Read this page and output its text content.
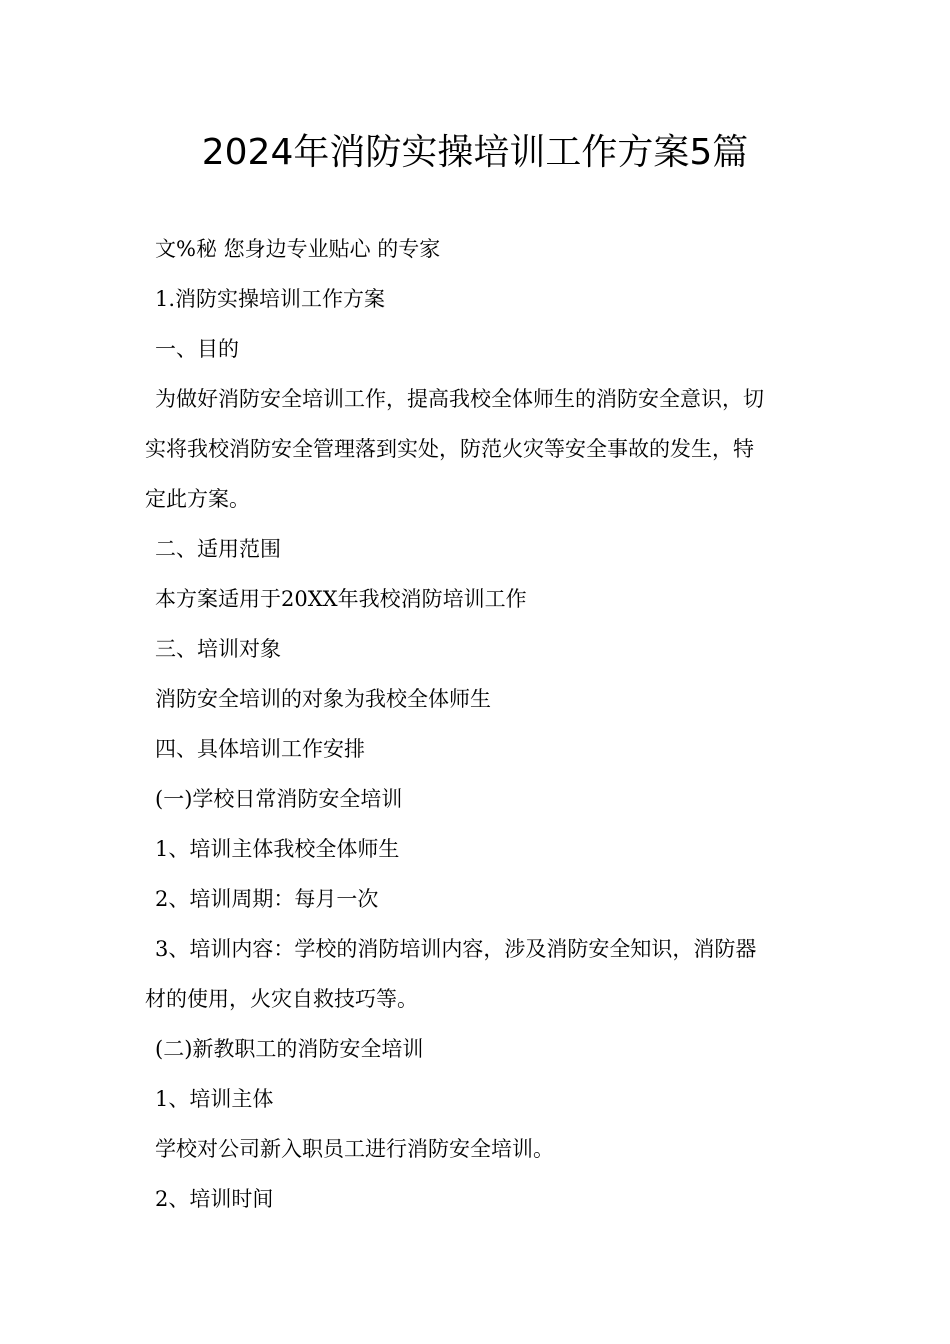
2024年消防实操培训工作方案5篇
文%秘 您身边专业贴心 的专家
1.消防实操培训工作方案
一、目的
为做好消防安全培训工作，提高我校全体师生的消防安全意识，切
实将我校消防安全管理落到实处，防范火灾等安全事故的发生，特
定此方案。
二、适用范围
本方案适用于20XX年我校消防培训工作
三、培训对象
消防安全培训的对象为我校全体师生
四、具体培训工作安排
(一)学校日常消防安全培训
1、培训主体我校全体师生
2、培训周期：每月一次
3、培训内容：学校的消防培训内容，涉及消防安全知识，消防器
材的使用，火灾自救技巧等。
(二)新教职工的消防安全培训
1、培训主体
学校对公司新入职员工进行消防安全培训。
2、培训时间
